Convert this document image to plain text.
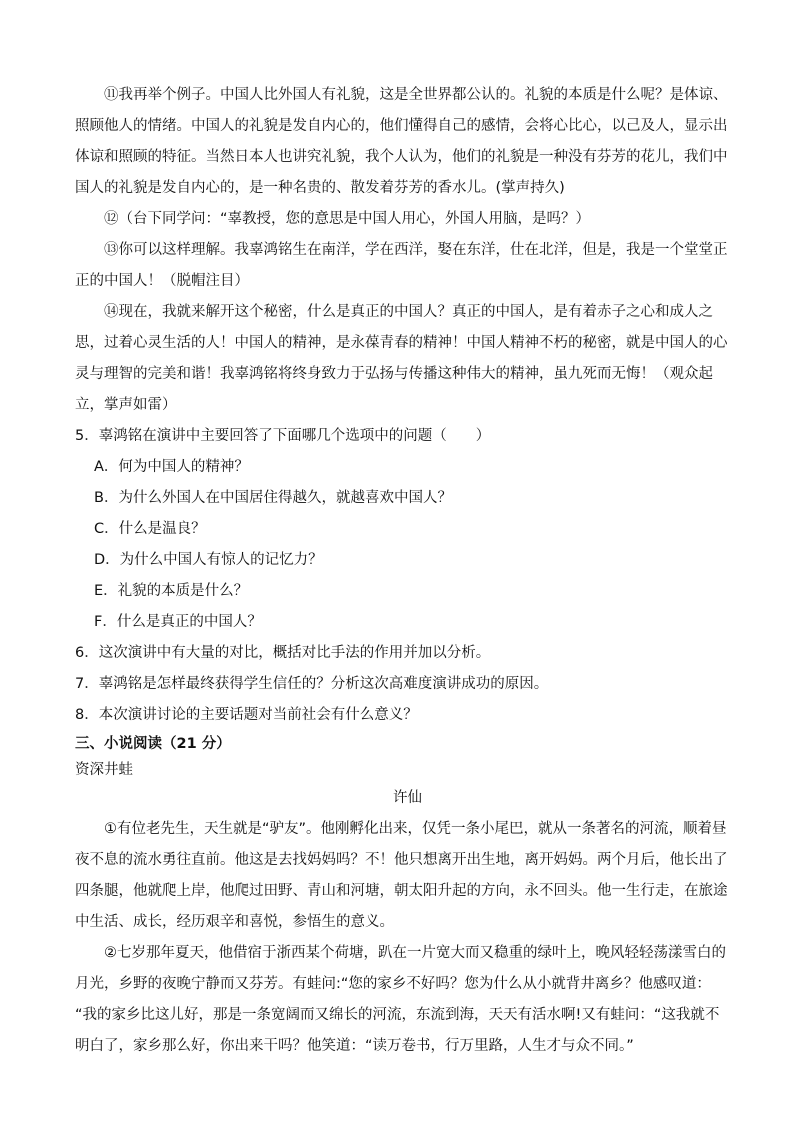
⑪我再举个例子。中国人比外国人有礼貌，这是全世界都公认的。礼貌的本质是什么呢？是体谅、
照顾他人的情绪。中国人的礼貌是发自内心的，他们懂得自己的感情，会将心比心，以己及人，显示出
体谅和照顾的特征。当然日本人也讲究礼貌，我个人认为，他们的礼貌是一种没有芬芳的花儿，我们中
国人的礼貌是发自内心的，是一种名贵的、散发着芬芳的香水儿。(掌声持久)
⑫（台下同学问：“辜教授，您的意思是中国人用心，外国人用脑，是吗？）
⑬你可以这样理解。我辜鸿铭生在南洋，学在西洋，娶在东洋，仕在北洋，但是，我是一个堂堂正
正的中国人！（脱帽注目）
⑭现在，我就来解开这个秘密，什么是真正的中国人？真正的中国人，是有着赤子之心和成人之
思，过着心灵生活的人！中国人的精神，是永葆青春的精神！中国人精神不朽的秘密，就是中国人的心
灵与理智的完美和谐！我辜鸿铭将终身致力于弘扬与传播这种伟大的精神，虽九死而无悔！（观众起
立，掌声如雷）
5．辜鸿铭在演讲中主要回答了下面哪几个选项中的问题（　　）
A．何为中国人的精神？
B．为什么外国人在中国居住得越久，就越喜欢中国人？
C．什么是温良？
D．为什么中国人有惊人的记忆力？
E．礼貌的本质是什么？
F．什么是真正的中国人？
6．这次演讲中有大量的对比，概括对比手法的作用并加以分析。
7．辜鸿铭是怎样最终获得学生信任的？分析这次高难度演讲成功的原因。
8．本次演讲讨论的主要话题对当前社会有什么意义？
三、小说阅读（21 分）
资深井蛙
许仙
①有位老先生，天生就是“驴友”。他刚孵化出来，仅凭一条小尾巴，就从一条著名的河流，顺着昼
夜不息的流水勇往直前。他这是去找妈妈吗？不！他只想离开出生地，离开妈妈。两个月后，他长出了
四条腿，他就爬上岸，他爬过田野、青山和河塘，朝太阳升起的方向，永不回头。他一生行走，在旅途
中生活、成长，经历艰辛和喜悦，参悟生的意义。
②七岁那年夏天，他借宿于浙西某个荷塘，趴在一片宽大而又稳重的绿叶上，晚风轻轻荡漾雪白的
月光，乡野的夜晚宁静而又芬芳。有蛙问:“您的家乡不好吗？您为什么从小就背井离乡？他感叹道：
“我的家乡比这儿好，那是一条宽阔而又绵长的河流，东流到海，天天有活水啊!又有蛙问：“这我就不
明白了，家乡那么好，你出来干吗？他笑道：“读万卷书，行万里路，人生才与众不同。”
